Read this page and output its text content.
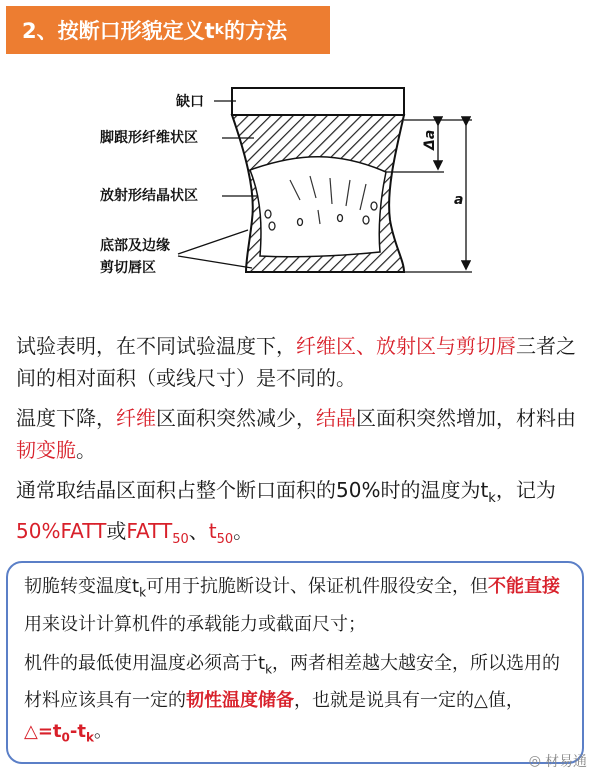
2、按断口形貌定义t k 的方法
缺口
脚跟形纤维状区
放射形结晶状区
底部及边缘
剪切唇区
Δa
a
试验表明，在不同试验温度下，纤维区、放射区与剪切唇三者之间的相对面积（或线尺寸）是不同的。
温度下降，纤维区面积突然减少，结晶区面积突然增加，材料由韧变脆。
通常取结晶区面积占整个断口面积的50%时的温度为$t_k$，记为50%FATT或$FATT_{50}$、$t_{50}$。

韧脆转变温度$t_k$可用于抗脆断设计、保证机件服役安全，但不能直接用来设计计算机件的承载能力或截面尺寸；

机件的最低使用温度必须高于$t_k$，两者相差越大越安全，所以选用的材料应该具有一定的韧性温度储备，也就是说具有一定的△值，$\triangle=t_0-t_k$。

◎ 材易通
